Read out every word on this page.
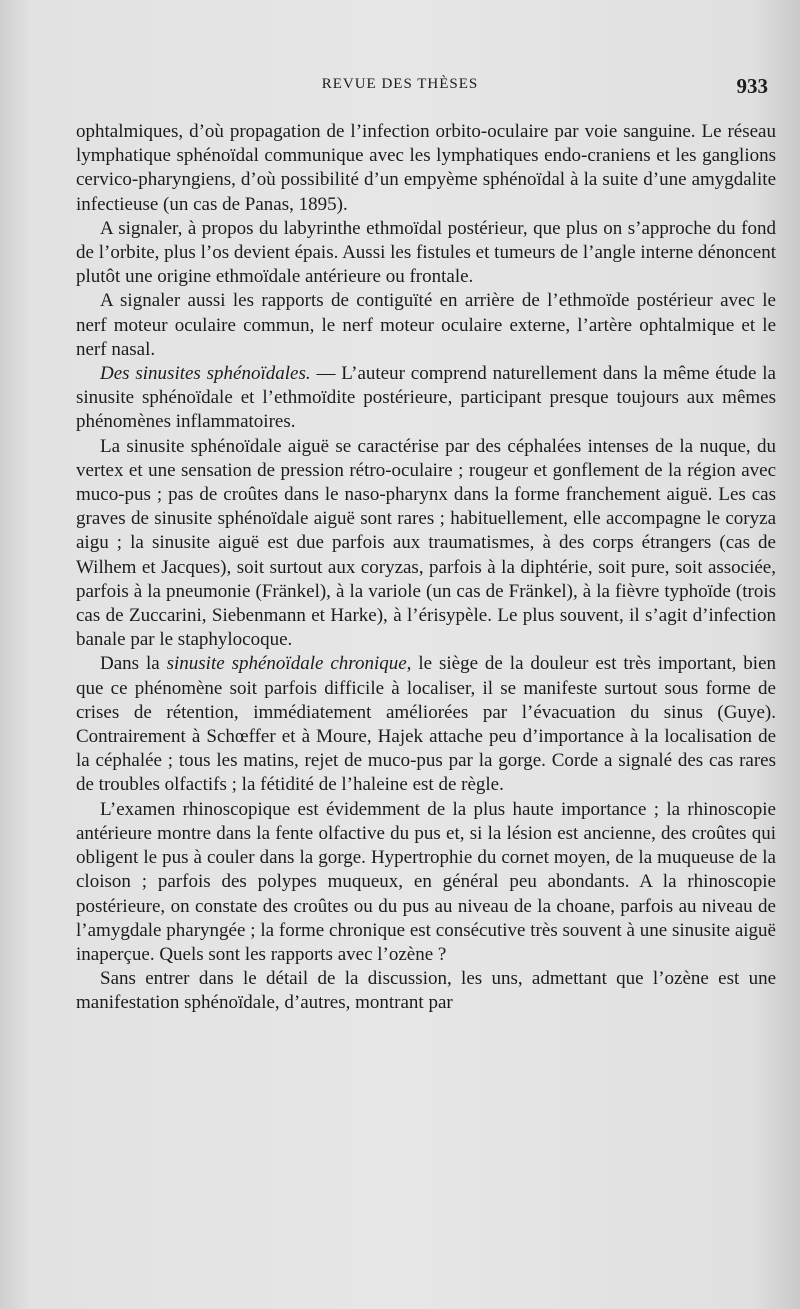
REVUE DES THÈSES	933

ophtalmiques, d’où propagation de l’infection orbito-oculaire par voie sanguine. Le réseau lymphatique sphénoïdal communique avec les lymphatiques endo-craniens et les ganglions cervico-pharyngiens, d’où possibilité d’un empyème sphénoïdal à la suite d’une amygdalite infectieuse (un cas de Panas, 1895).

A signaler, à propos du labyrinthe ethmoïdal postérieur, que plus on s’approche du fond de l’orbite, plus l’os devient épais. Aussi les fistules et tumeurs de l’angle interne dénoncent plutôt une origine ethmoïdale antérieure ou frontale.

A signaler aussi les rapports de contiguïté en arrière de l’ethmoïde postérieur avec le nerf moteur oculaire commun, le nerf moteur oculaire externe, l’artère ophtalmique et le nerf nasal.

Des sinusites sphénoïdales. — L’auteur comprend naturellement dans la même étude la sinusite sphénoïdale et l’ethmoïdite postérieure, participant presque toujours aux mêmes phénomènes inflammatoires.

La sinusite sphénoïdale aiguë se caractérise par des céphalées intenses de la nuque, du vertex et une sensation de pression rétro-oculaire ; rougeur et gonflement de la région avec muco-pus ; pas de croûtes dans le naso-pharynx dans la forme franchement aiguë. Les cas graves de sinusite sphénoïdale aiguë sont rares ; habituellement, elle accompagne le coryza aigu ; la sinusite aiguë est due parfois aux traumatismes, à des corps étrangers (cas de Wilhem et Jacques), soit surtout aux coryzas, parfois à la diphtérie, soit pure, soit associée, parfois à la pneumonie (Fränkel), à la variole (un cas de Fränkel), à la fièvre typhoïde (trois cas de Zuccarini, Siebenmann et Harke), à l’érisypèle. Le plus souvent, il s’agit d’infection banale par le staphylocoque.

Dans la sinusite sphénoïdale chronique, le siège de la douleur est très important, bien que ce phénomène soit parfois difficile à localiser, il se manifeste surtout sous forme de crises de rétention, immédiatement améliorées par l’évacuation du sinus (Guye). Contrairement à Schœffer et à Moure, Hajek attache peu d’importance à la localisation de la céphalée ; tous les matins, rejet de muco-pus par la gorge. Corde a signalé des cas rares de troubles olfactifs ; la fétidité de l’haleine est de règle.

L’examen rhinoscopique est évidemment de la plus haute importance ; la rhinoscopie antérieure montre dans la fente olfactive du pus et, si la lésion est ancienne, des croûtes qui obligent le pus à couler dans la gorge. Hypertrophie du cornet moyen, de la muqueuse de la cloison ; parfois des polypes muqueux, en général peu abondants. A la rhinoscopie postérieure, on constate des croûtes ou du pus au niveau de la choane, parfois au niveau de l’amygdale pharyngée ; la forme chronique est consécutive très souvent à une sinusite aiguë inaperçue. Quels sont les rapports avec l’ozène ?

Sans entrer dans le détail de la discussion, les uns, admettant que l’ozène est une manifestation sphénoïdale, d’autres, montrant par
